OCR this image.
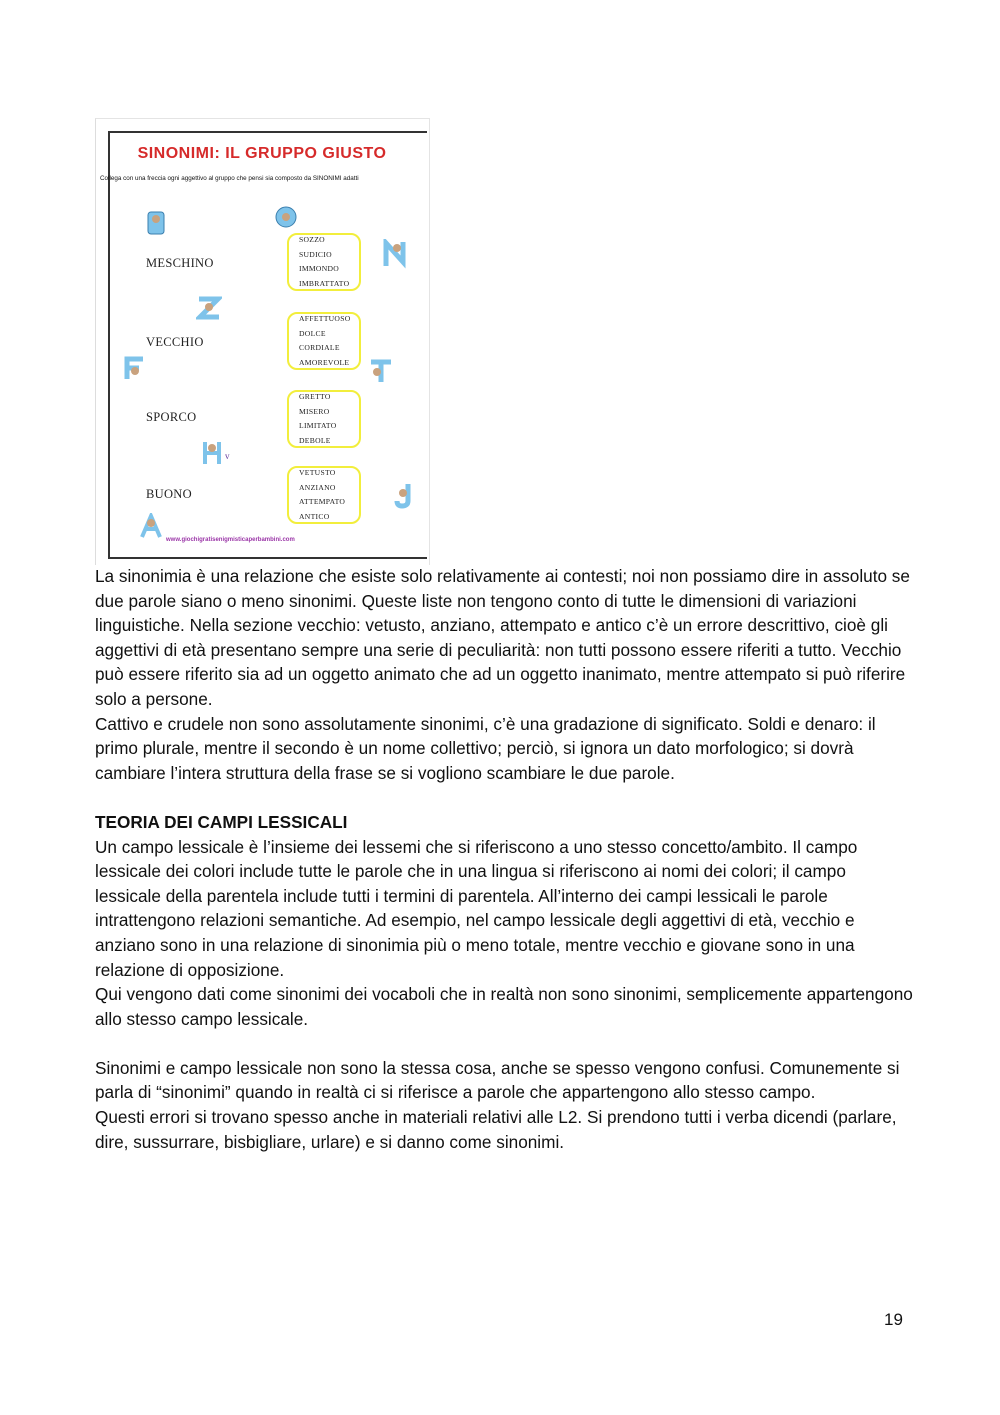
SINONIMI: IL GRUPPO GIUSTO
Collega con una freccia ogni aggettivo al gruppo che pensi sia composto da SINONIMI adatti
MESCHINO
VECCHIO
SPORCO
BUONO
SOZZO
SUDICIO
IMMONDO
IMBRATTATO
AFFETTUOSO
DOLCE
CORDIALE
AMOREVOLE
GRETTO
MISERO
LIMITATO
DEBOLE
VETUSTO
ANZIANO
ATTEMPATO
ANTICO
v
www.giochigratisenigmisticaperbambini.com

La sinonimia è una relazione che esiste solo relativamente ai contesti; noi non possiamo dire in assoluto se due parole siano o meno sinonimi. Queste liste non tengono conto di tutte le dimensioni di variazioni linguistiche. Nella sezione vecchio: vetusto, anziano, attempato e antico c’è un errore descrittivo, cioè gli aggettivi di età presentano sempre una serie di peculiarità: non tutti possono essere riferiti a tutto. Vecchio può essere riferito sia ad un oggetto animato che ad un oggetto inanimato, mentre attempato si può riferire solo a persone.

Cattivo e crudele non sono assolutamente sinonimi, c’è una gradazione di significato. Soldi e denaro: il primo plurale, mentre il secondo è un nome collettivo; perciò, si ignora un dato morfologico; si dovrà cambiare l’intera struttura della frase se si vogliono scambiare le due parole.

TEORIA DEI CAMPI LESSICALI

Un campo lessicale è l’insieme dei lessemi che si riferiscono a uno stesso concetto/ambito. Il campo lessicale dei colori include tutte le parole che in una lingua si riferiscono ai nomi dei colori; il campo lessicale della parentela include tutti i termini di parentela. All’interno dei campi lessicali le parole intrattengono relazioni semantiche. Ad esempio, nel campo lessicale degli aggettivi di età, vecchio e anziano sono in una relazione di sinonimia più o meno totale, mentre vecchio e giovane sono in una relazione di opposizione.

Qui vengono dati come sinonimi dei vocaboli che in realtà non sono sinonimi, semplicemente appartengono allo stesso campo lessicale.

Sinonimi e campo lessicale non sono la stessa cosa, anche se spesso vengono confusi. Comunemente si parla di “sinonimi” quando in realtà ci si riferisce a parole che appartengono allo stesso campo.

Questi errori si trovano spesso anche in materiali relativi alle L2. Si prendono tutti i verba dicendi (parlare, dire, sussurrare, bisbigliare, urlare) e si danno come sinonimi.

19
